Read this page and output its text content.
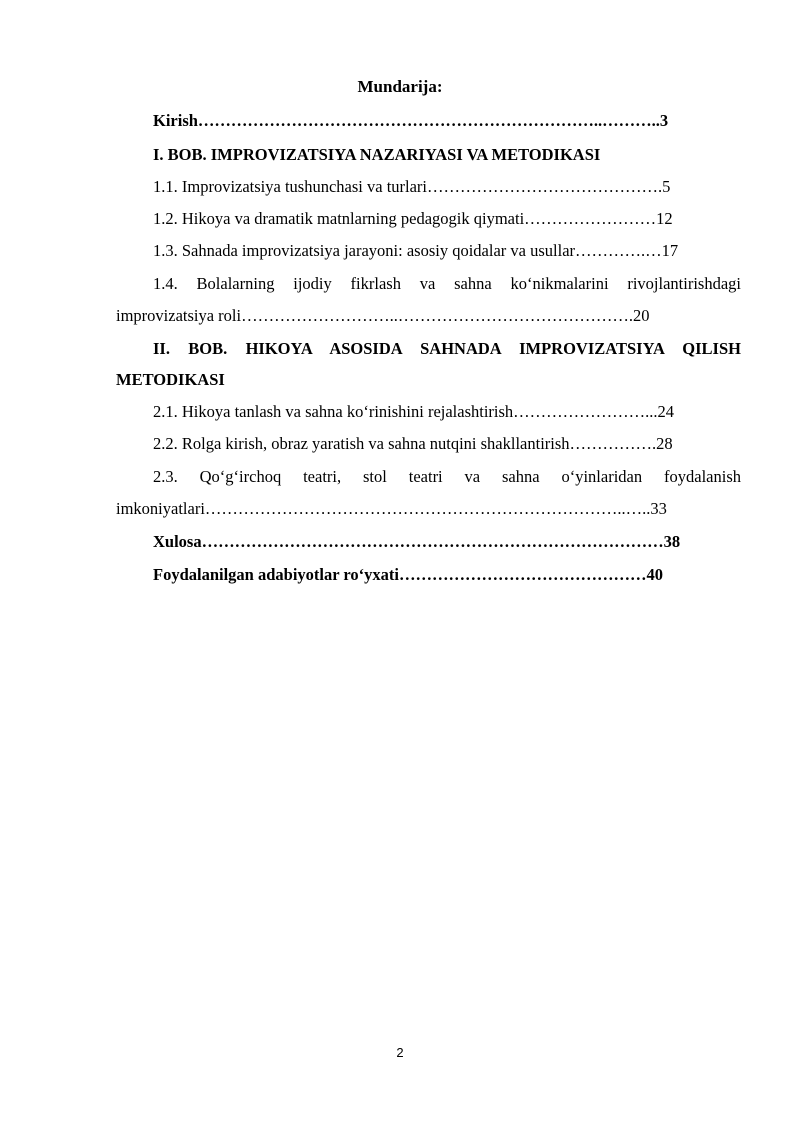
Mundarija:
Kirish………………………………………………………………..………..3
I. BOB. IMPROVIZATSIYA NAZARIYASI VA METODIKASI
1.1. Improvizatsiya tushunchasi va turlari…………………………………….5
1.2. Hikoya va dramatik matnlarning pedagogik qiymati……………………12
1.3. Sahnada improvizatsiya jarayoni: asosiy qoidalar va usullar………….…17
1.4. Bolalarning ijodiy fikrlash va sahna ko‘nikmalarini rivojlantirishdagi
improvizatsiya roli………………………..…………………………………….20
II. BOB. HIKOYA ASOSIDA SAHNADA IMPROVIZATSIYA QILISH
METODIKASI
2.1. Hikoya tanlash va sahna ko‘rinishini rejalashtirish……………………...24
2.2. Rolga kirish, obraz yaratish va sahna nutqini shakllantirish…………….28
2.3. Qo‘g‘irchoq teatri, stol teatri va sahna o‘yinlaridan foydalanish
imkoniyatlari…………………………………………………………………..…..33
Xulosa…………………………………………………………………………38
Foydalanilgan adabiyotlar ro‘yxati………………………………………40
2
